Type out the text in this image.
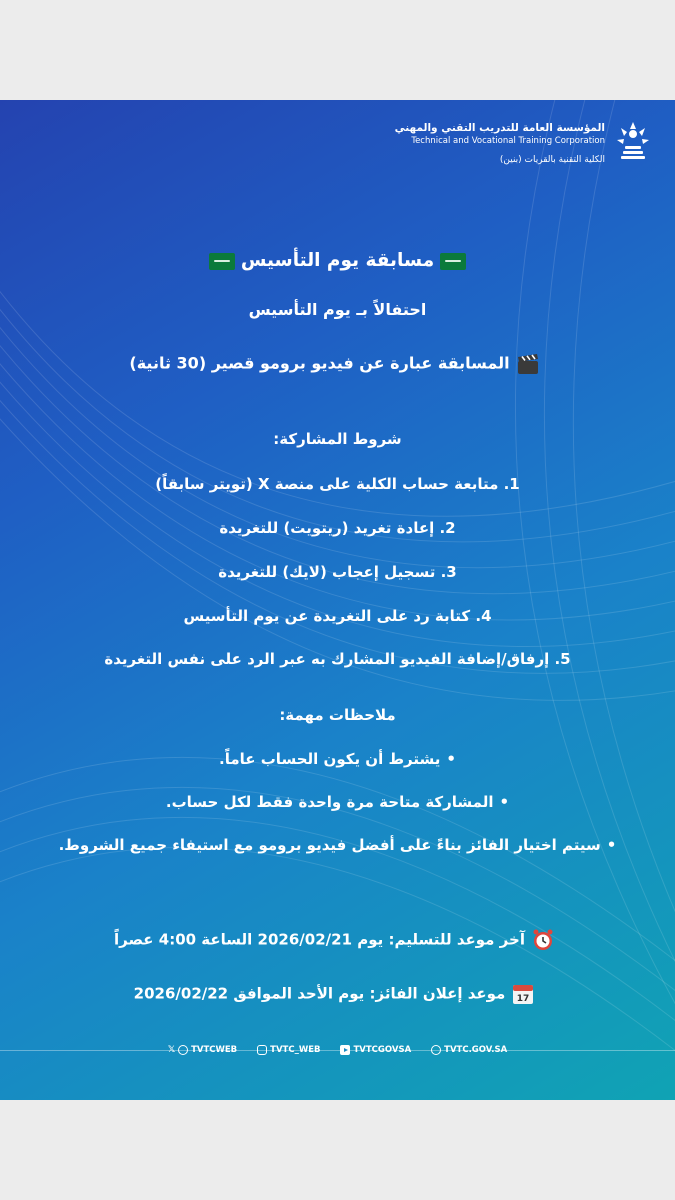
المؤسسة العامة للتدريب التقني والمهني
Technical and Vocational Training Corporation
الكلية التقنية بالقريات (بنين)
مسابقة يوم التأسيس
احتفالاً بـ يوم التأسيس
المسابقة عبارة عن فيديو برومو قصير (30 ثانية)
شروط المشاركة:
1. متابعة حساب الكلية على منصة X (تويتر سابقاً)
2. إعادة تغريد (ريتويت) للتغريدة
3. تسجيل إعجاب (لايك) للتغريدة
4. كتابة رد على التغريدة عن يوم التأسيس
5. إرفاق/إضافة الفيديو المشارك به عبر الرد على نفس التغريدة
ملاحظات مهمة:
•يشترط أن يكون الحساب عاماً.
•المشاركة متاحة مرة واحدة فقط لكل حساب.
•سيتم اختيار الفائز بناءً على أفضل فيديو برومو مع استيفاء جميع الشروط.
آخر موعد للتسليم: يوم 2026/02/21 الساعة 4:00 عصراً
17
موعد إعلان الفائز: يوم الأحد الموافق 2026/02/22
𝕏 TVTCWEB	TVTC_WEB	TVTCGOVSA	TVTC.GOV.SA
